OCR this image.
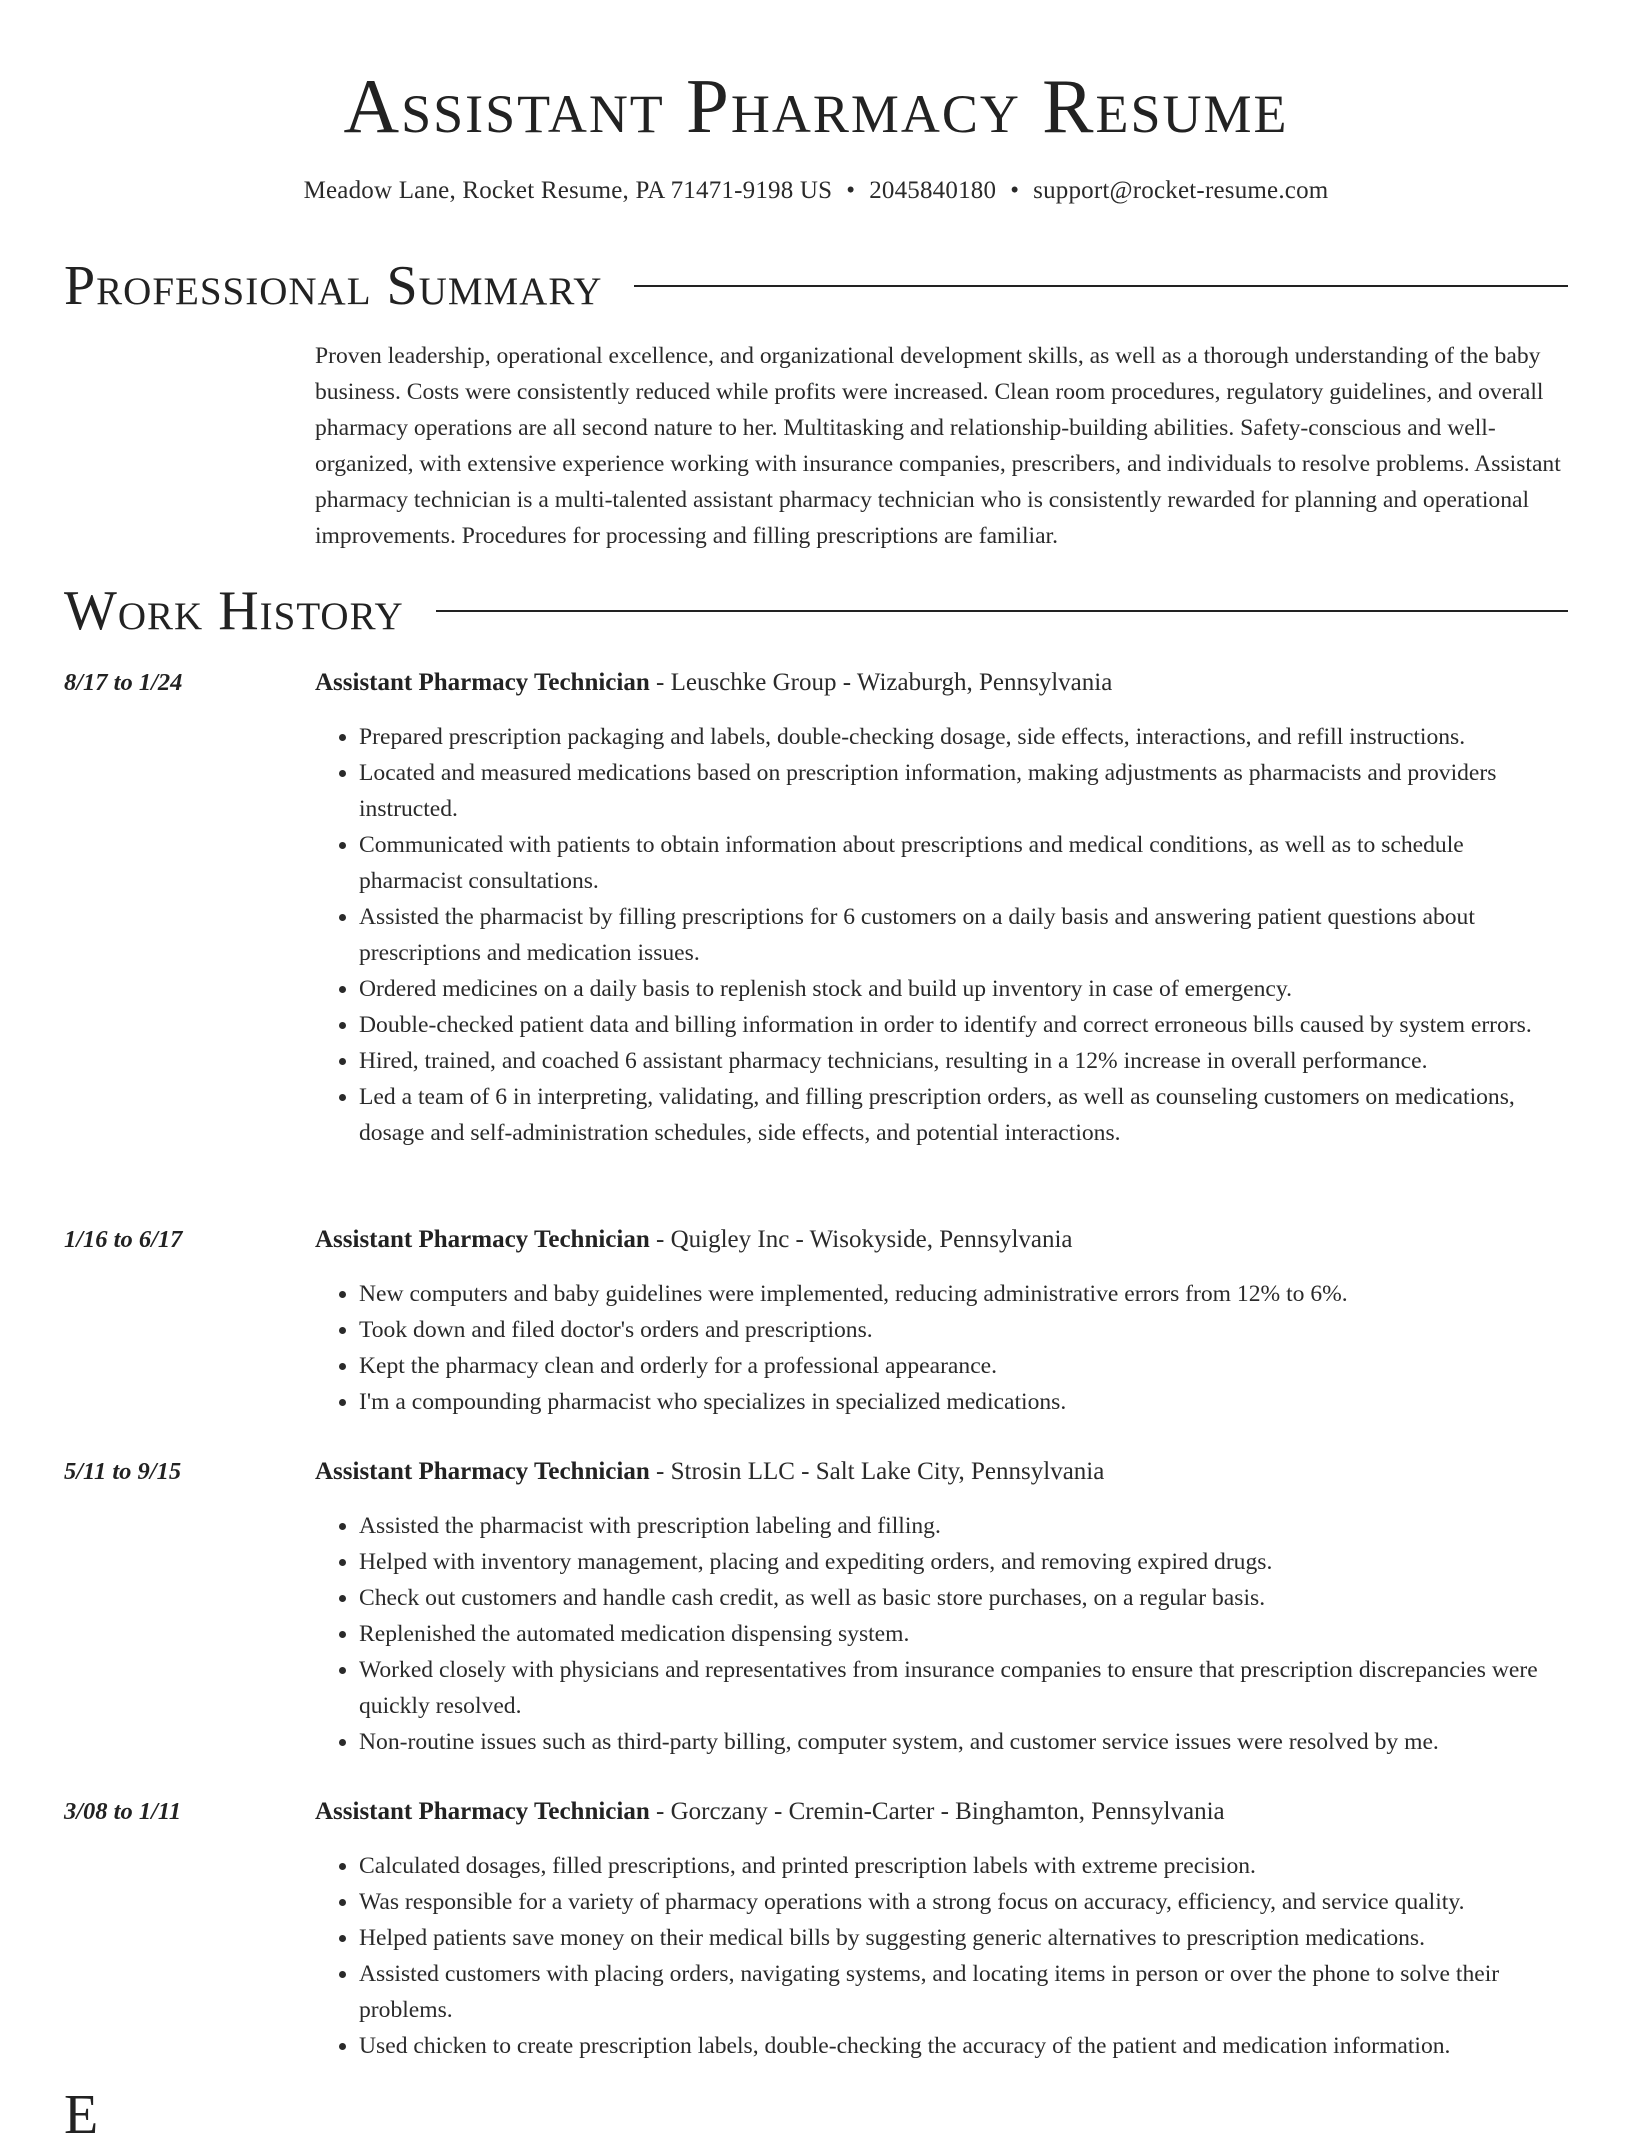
Assistant Pharmacy Resume
Meadow Lane, Rocket Resume, PA 71471-9198 US • 2045840180 • support@rocket-resume.com
Professional Summary

Proven leadership, operational excellence, and organizational development skills, as well as a thorough understanding of the baby business. Costs were consistently reduced while profits were increased. Clean room procedures, regulatory guidelines, and overall pharmacy operations are all second nature to her. Multitasking and relationship-building abilities. Safety-conscious and well-organized, with extensive experience working with insurance companies, prescribers, and individuals to resolve problems. Assistant pharmacy technician is a multi-talented assistant pharmacy technician who is consistently rewarded for planning and operational improvements. Procedures for processing and filling prescriptions are familiar.

Work History
8/17 to 1/24	Assistant Pharmacy Technician - Leuschke Group - Wizaburgh, Pennsylvania
• Prepared prescription packaging and labels, double-checking dosage, side effects, interactions, and refill instructions.
• Located and measured medications based on prescription information, making adjustments as pharmacists and providers instructed.
• Communicated with patients to obtain information about prescriptions and medical conditions, as well as to schedule pharmacist consultations.
• Assisted the pharmacist by filling prescriptions for 6 customers on a daily basis and answering patient questions about prescriptions and medication issues.
• Ordered medicines on a daily basis to replenish stock and build up inventory in case of emergency.
• Double-checked patient data and billing information in order to identify and correct erroneous bills caused by system errors.
• Hired, trained, and coached 6 assistant pharmacy technicians, resulting in a 12% increase in overall performance.
• Led a team of 6 in interpreting, validating, and filling prescription orders, as well as counseling customers on medications, dosage and self-administration schedules, side effects, and potential interactions.
1/16 to 6/17	Assistant Pharmacy Technician - Quigley Inc - Wisokyside, Pennsylvania
• New computers and baby guidelines were implemented, reducing administrative errors from 12% to 6%.
• Took down and filed doctor's orders and prescriptions.
• Kept the pharmacy clean and orderly for a professional appearance.
• I'm a compounding pharmacist who specializes in specialized medications.
5/11 to 9/15	Assistant Pharmacy Technician - Strosin LLC - Salt Lake City, Pennsylvania
• Assisted the pharmacist with prescription labeling and filling.
• Helped with inventory management, placing and expediting orders, and removing expired drugs.
• Check out customers and handle cash credit, as well as basic store purchases, on a regular basis.
• Replenished the automated medication dispensing system.
• Worked closely with physicians and representatives from insurance companies to ensure that prescription discrepancies were quickly resolved.
• Non-routine issues such as third-party billing, computer system, and customer service issues were resolved by me.
3/08 to 1/11	Assistant Pharmacy Technician - Gorczany - Cremin-Carter - Binghamton, Pennsylvania
• Calculated dosages, filled prescriptions, and printed prescription labels with extreme precision.
• Was responsible for a variety of pharmacy operations with a strong focus on accuracy, efficiency, and service quality.
• Helped patients save money on their medical bills by suggesting generic alternatives to prescription medications.
• Assisted customers with placing orders, navigating systems, and locating items in person or over the phone to solve their problems.
• Used chicken to create prescription labels, double-checking the accuracy of the patient and medication information.
E
